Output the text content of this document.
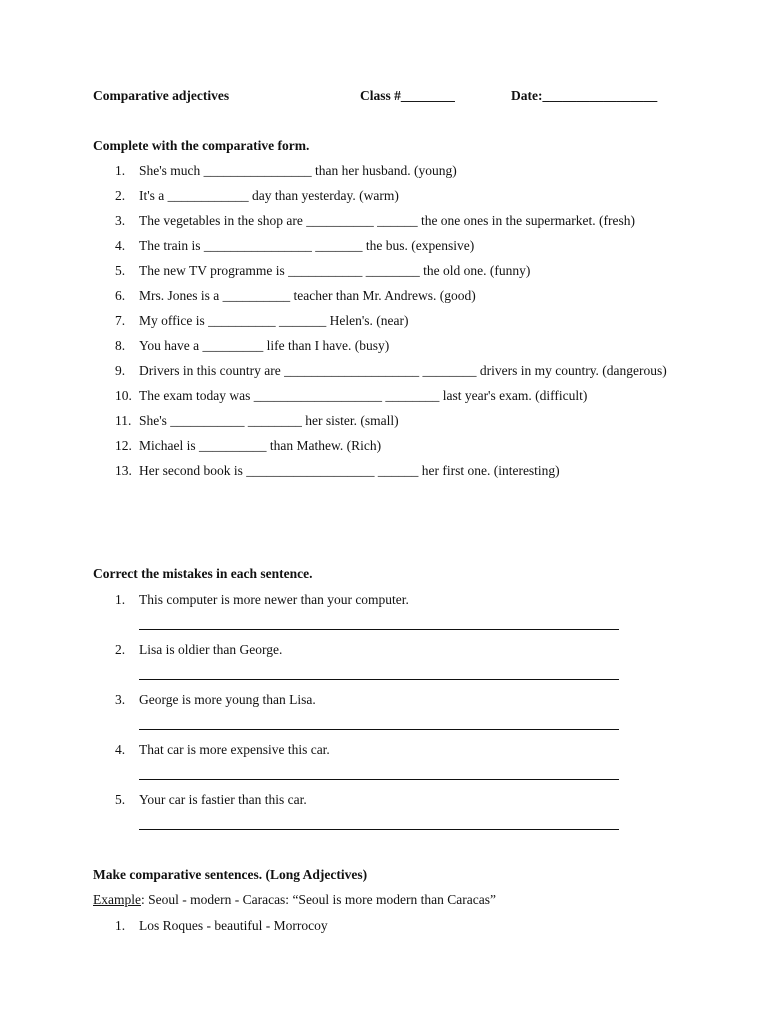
Comparative adjectives	Class #________	Date:_________________
Complete with the comparative form.
1.	She's much ________________ than her husband. (young)
2.	It's a ____________ day than yesterday. (warm)
3.	The vegetables in the shop are __________ ______ the one ones in the supermarket. (fresh)
4.	The train is ________________ _______ the bus. (expensive)
5.	The new TV programme is ___________ ________ the old one. (funny)
6.	Mrs. Jones is a __________ teacher than Mr. Andrews. (good)
7.	My office is __________ _______ Helen's. (near)
8.	You have a _________ life than I have. (busy)
9.	Drivers in this country are ____________________ ________ drivers in my country. (dangerous)
10. The exam today was ___________________ ________ last year's exam. (difficult)
11. She's ___________ ________ her sister. (small)
12. Michael is __________ than Mathew. (Rich)
13. Her second book is ___________________ ______ her first one. (interesting)
Correct the mistakes in each sentence.
1.	This computer is more newer than your computer.
2.	Lisa is oldier than George.
3.	George is more young than Lisa.
4.	That car is more expensive this car.
5.	Your car is fastier than this car.
Make comparative sentences. (Long Adjectives)
Example: Seoul - modern - Caracas: “Seoul is more modern than Caracas”
1.	Los Roques - beautiful - Morrocoy
